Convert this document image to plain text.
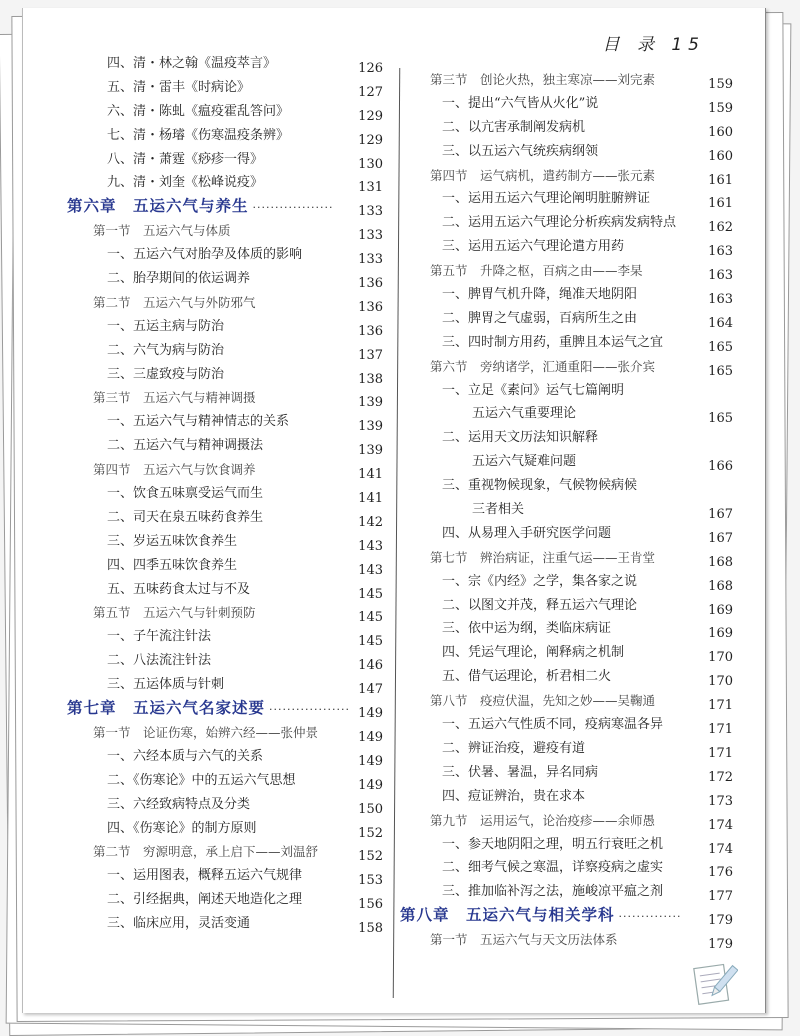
目 录 15
四、清・林之翰《温疫萃言》	126
五、清・雷丰《时病论》	127
六、清・陈虬《瘟疫霍乱答问》	129
七、清・杨璿《伤寒温疫条辨》	129
八、清・萧霆《痧疹一得》	130
九、清・刘奎《松峰说疫》	131
第六章　五运六气与养生 ·················· 133
第一节　五运六气与体质	133
一、五运六气对胎孕及体质的影响	133
二、胎孕期间的依运调养	136
第二节　五运六气与外防邪气	136
一、五运主病与防治	136
二、六气为病与防治	137
三、三虚致疫与防治	138
第三节　五运六气与精神调摄	139
一、五运六气与精神情志的关系	139
二、五运六气与精神调摄法	139
第四节　五运六气与饮食调养	141
一、饮食五味禀受运气而生	141
二、司天在泉五味药食养生	142
三、岁运五味饮食养生	143
四、四季五味饮食养生	143
五、五味药食太过与不及	145
第五节　五运六气与针刺预防	145
一、子午流注针法	145
二、八法流注针法	146
三、五运体质与针刺	147
第七章　五运六气名家述要 ·················· 149
第一节　论证伤寒，始辨六经——张仲景	149
一、六经本质与六气的关系	149
二、《伤寒论》中的五运六气思想	149
三、六经致病特点及分类	150
四、《伤寒论》的制方原则	152
第二节　穷源明意，承上启下——刘温舒	152
一、运用图表，概释五运六气规律	153
二、引经据典，阐述天地造化之理	156
三、临床应用，灵活变通	158
第三节　创论火热，独主寒凉——刘完素	159
一、提出“六气皆从火化”说	159
二、以亢害承制阐发病机	160
三、以五运六气统疾病纲领	160
第四节　运气病机，遣药制方——张元素	161
一、运用五运六气理论阐明脏腑辨证	161
二、运用五运六气理论分析疾病发病特点 162
三、运用五运六气理论遣方用药	163
第五节　升降之枢，百病之由——李杲	163
一、脾胃气机升降，绳准天地阴阳	163
二、脾胃之气虚弱，百病所生之由	164
三、四时制方用药，重脾且本运气之宜	165
第六节　旁纳诸学，汇通重阳——张介宾	165
一、立足《素问》运气七篇阐明
五运六气重要理论	165
二、运用天文历法知识解释
五运六气疑难问题	166
三、重视物候现象，气候物候病候
三者相关	167
四、从易理入手研究医学问题	167
第七节　辨治病证，注重气运——王肯堂	168
一、宗《内经》之学，集各家之说	168
二、以图文并茂，释五运六气理论	169
三、依中运为纲，类临床病证	169
四、凭运气理论，阐释病之机制	170
五、借气运理论，析君相二火	170
第八节　疫痘伏温，先知之妙——吴鞠通	171
一、五运六气性质不同，疫病寒温各异	171
二、辨证治疫，避疫有道	171
三、伏暑、暑温，异名同病	172
四、痘证辨治，贵在求本	173
第九节　运用运气，论治疫疹——余师愚	174
一、参天地阴阳之理，明五行衰旺之机	174
二、细考气候之寒温，详察疫病之虚实	176
三、推加临补泻之法，施峻凉平瘟之剂	177
第八章　五运六气与相关学科 ·············· 179
第一节　五运六气与天文历法体系	179
